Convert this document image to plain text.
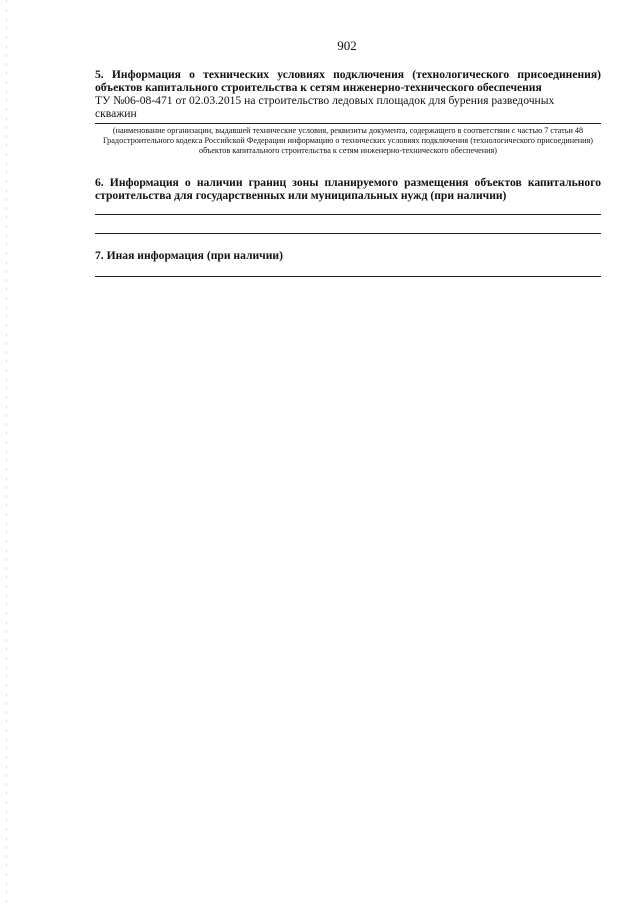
902
5. Информация о технических условиях подключения (технологического присоединения) объектов капитального строительства к сетям инженерно-технического обеспечения
ТУ №06-08-471 от 02.03.2015 на строительство ледовых площадок для бурения разведочных
скважин
(наименование организации, выдавшей технические условия, реквизиты документа, содержащего в соответствии с частью 7 статьи 48 Градостроительного кодекса Российской Федерации информацию о технических условиях подключения (технологического присоединения) объектов капитального строительства к сетям инженерно-технического обеспечения)
6. Информация о наличии границ зоны планируемого размещения объектов капитального строительства для государственных или муниципальных нужд (при наличии)
7. Иная информация (при наличии)
